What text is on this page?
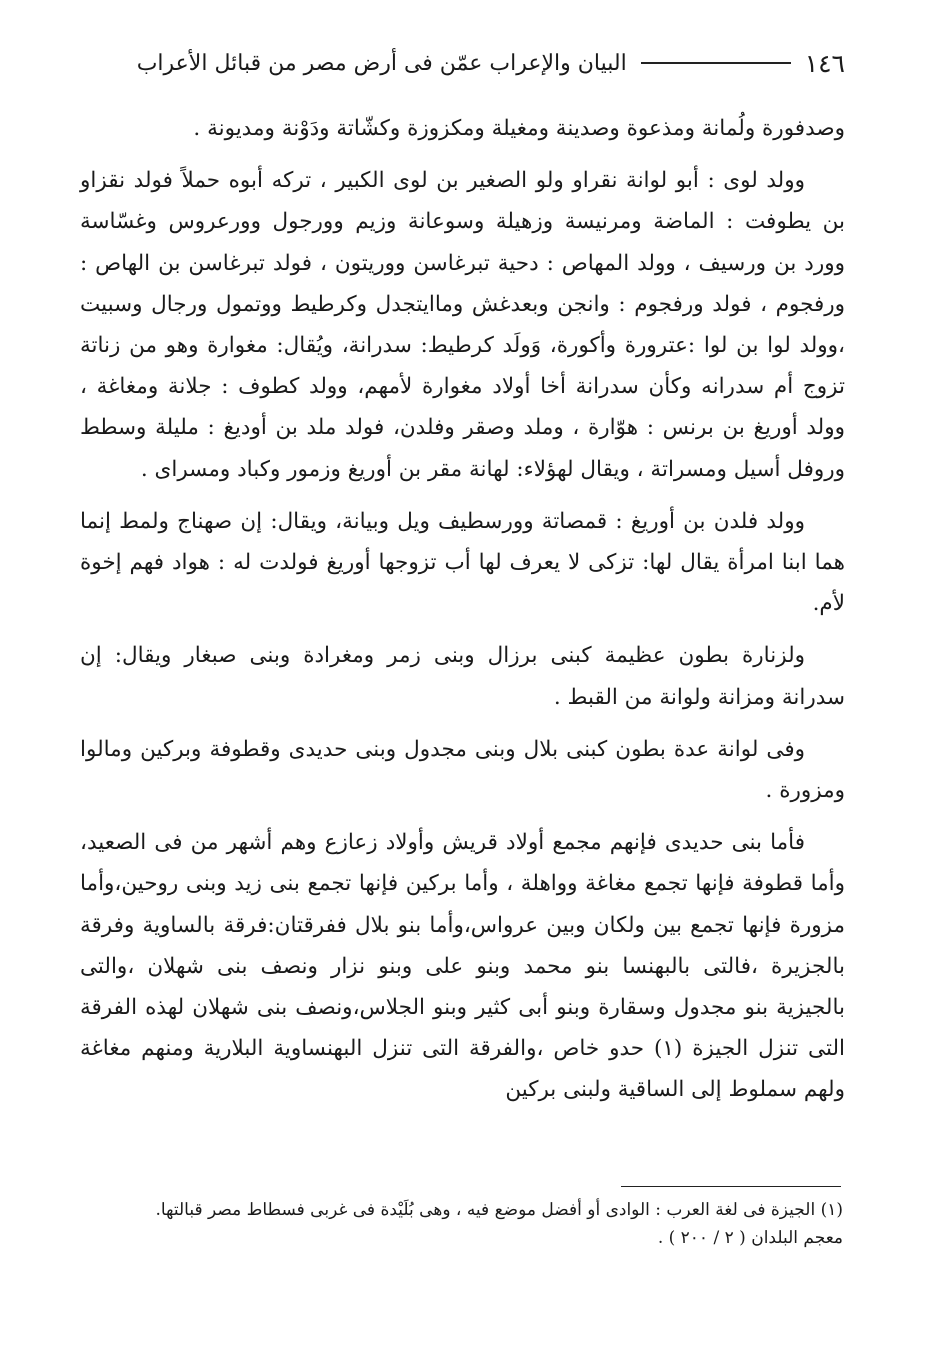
١٤٦
البيان والإعراب عمّن فى أرض مصر من قبائل الأعراب

وصدفورة ولُمانة ومذعوة وصدينة ومغيلة ومكزوزة وكشّاتة ودَوْنة ومديونة .

وولد لوى : أبو لوانة نقراو ولو الصغير بن لوى الكبير ، تركه أبوه حملاً فولد نقزاو بن يطوفت : الماضة ومرنيسة وزهيلة وسوعانة وزيم وورجول وورعروس وغسّاسة وورد بن ورسيف ، وولد المهاص : دحية تبرغاسن ووريتون ، فولد تبرغاسن بن الهاص : ورفجوم ، فولد ورفجوم : وانجن وبعدغش وماايتجدل وكرطيط ووتمول ورجال وسبيت ،وولد لوا بن لوا :عترورة وأكورة، وَولَد كرطيط: سدرانة، ويُقال: مغوارة وهو من زناتة تزوج أم سدرانه وكأن سدرانة أخا أولاد مغوارة لأمهم، وولد كطوف : جلانة ومغاغة ، وولد أوريغ بن برنس : هوّارة ، وملد وصقر وفلدن، فولد ملد بن أوديغ : مليلة وسطط وروفل أسيل ومسراتة ، ويقال لهؤلاء: لهانة مقر بن أوريغ وزمور وكباد ومسراى .

وولد فلدن بن أوريغ : قمصاتة وورسطيف ويل وبيانة، ويقال: إن صهناج ولمط إنما هما ابنا امرأة يقال لها: تزكى لا يعرف لها أب تزوجها أوريغ فولدت له : هواد فهم إخوة لأم.

ولزنارة بطون عظيمة كبنى برزال وبنى زمر ومغرادة وبنى صبغار ويقال: إن سدرانة ومزانة ولوانة من القبط .

وفى لوانة عدة بطون كبنى بلال وبنى مجدول وبنى حديدى وقطوفة وبركين ومالوا ومزورة .

فأما بنى حديدى فإنهم مجمع أولاد قريش وأولاد زعازع وهم أشهر من فى الصعيد، وأما قطوفة فإنها تجمع مغاغة وواهلة ، وأما بركين فإنها تجمع بنى زيد وبنى روحين،وأما مزورة فإنها تجمع بين ولكان وبين عرواس،وأما بنو بلال ففرقتان:فرقة بالساوية وفرقة بالجزيرة ،فالتى بالبهنسا بنو محمد وبنو على وبنو نزار ونصف بنى شهلان ،والتى بالجيزية بنو مجدول وسقارة وبنو أبى كثير وبنو الجلاس،ونصف بنى شهلان لهذه الفرقة التى تنزل الجيزة (١) حدو خاص ،والفرقة التى تنزل البهنساوية البلارية ومنهم مغاغة ولهم سملوط إلى الساقية ولبنى بركين

(١) الجيزة فى لغة العرب : الوادى أو أفضل موضع فيه ، وهى بُلَيْدة فى غربى فسطاط مصر قبالتها.

معجم البلدان ( ٢ / ٢٠٠ ) .
